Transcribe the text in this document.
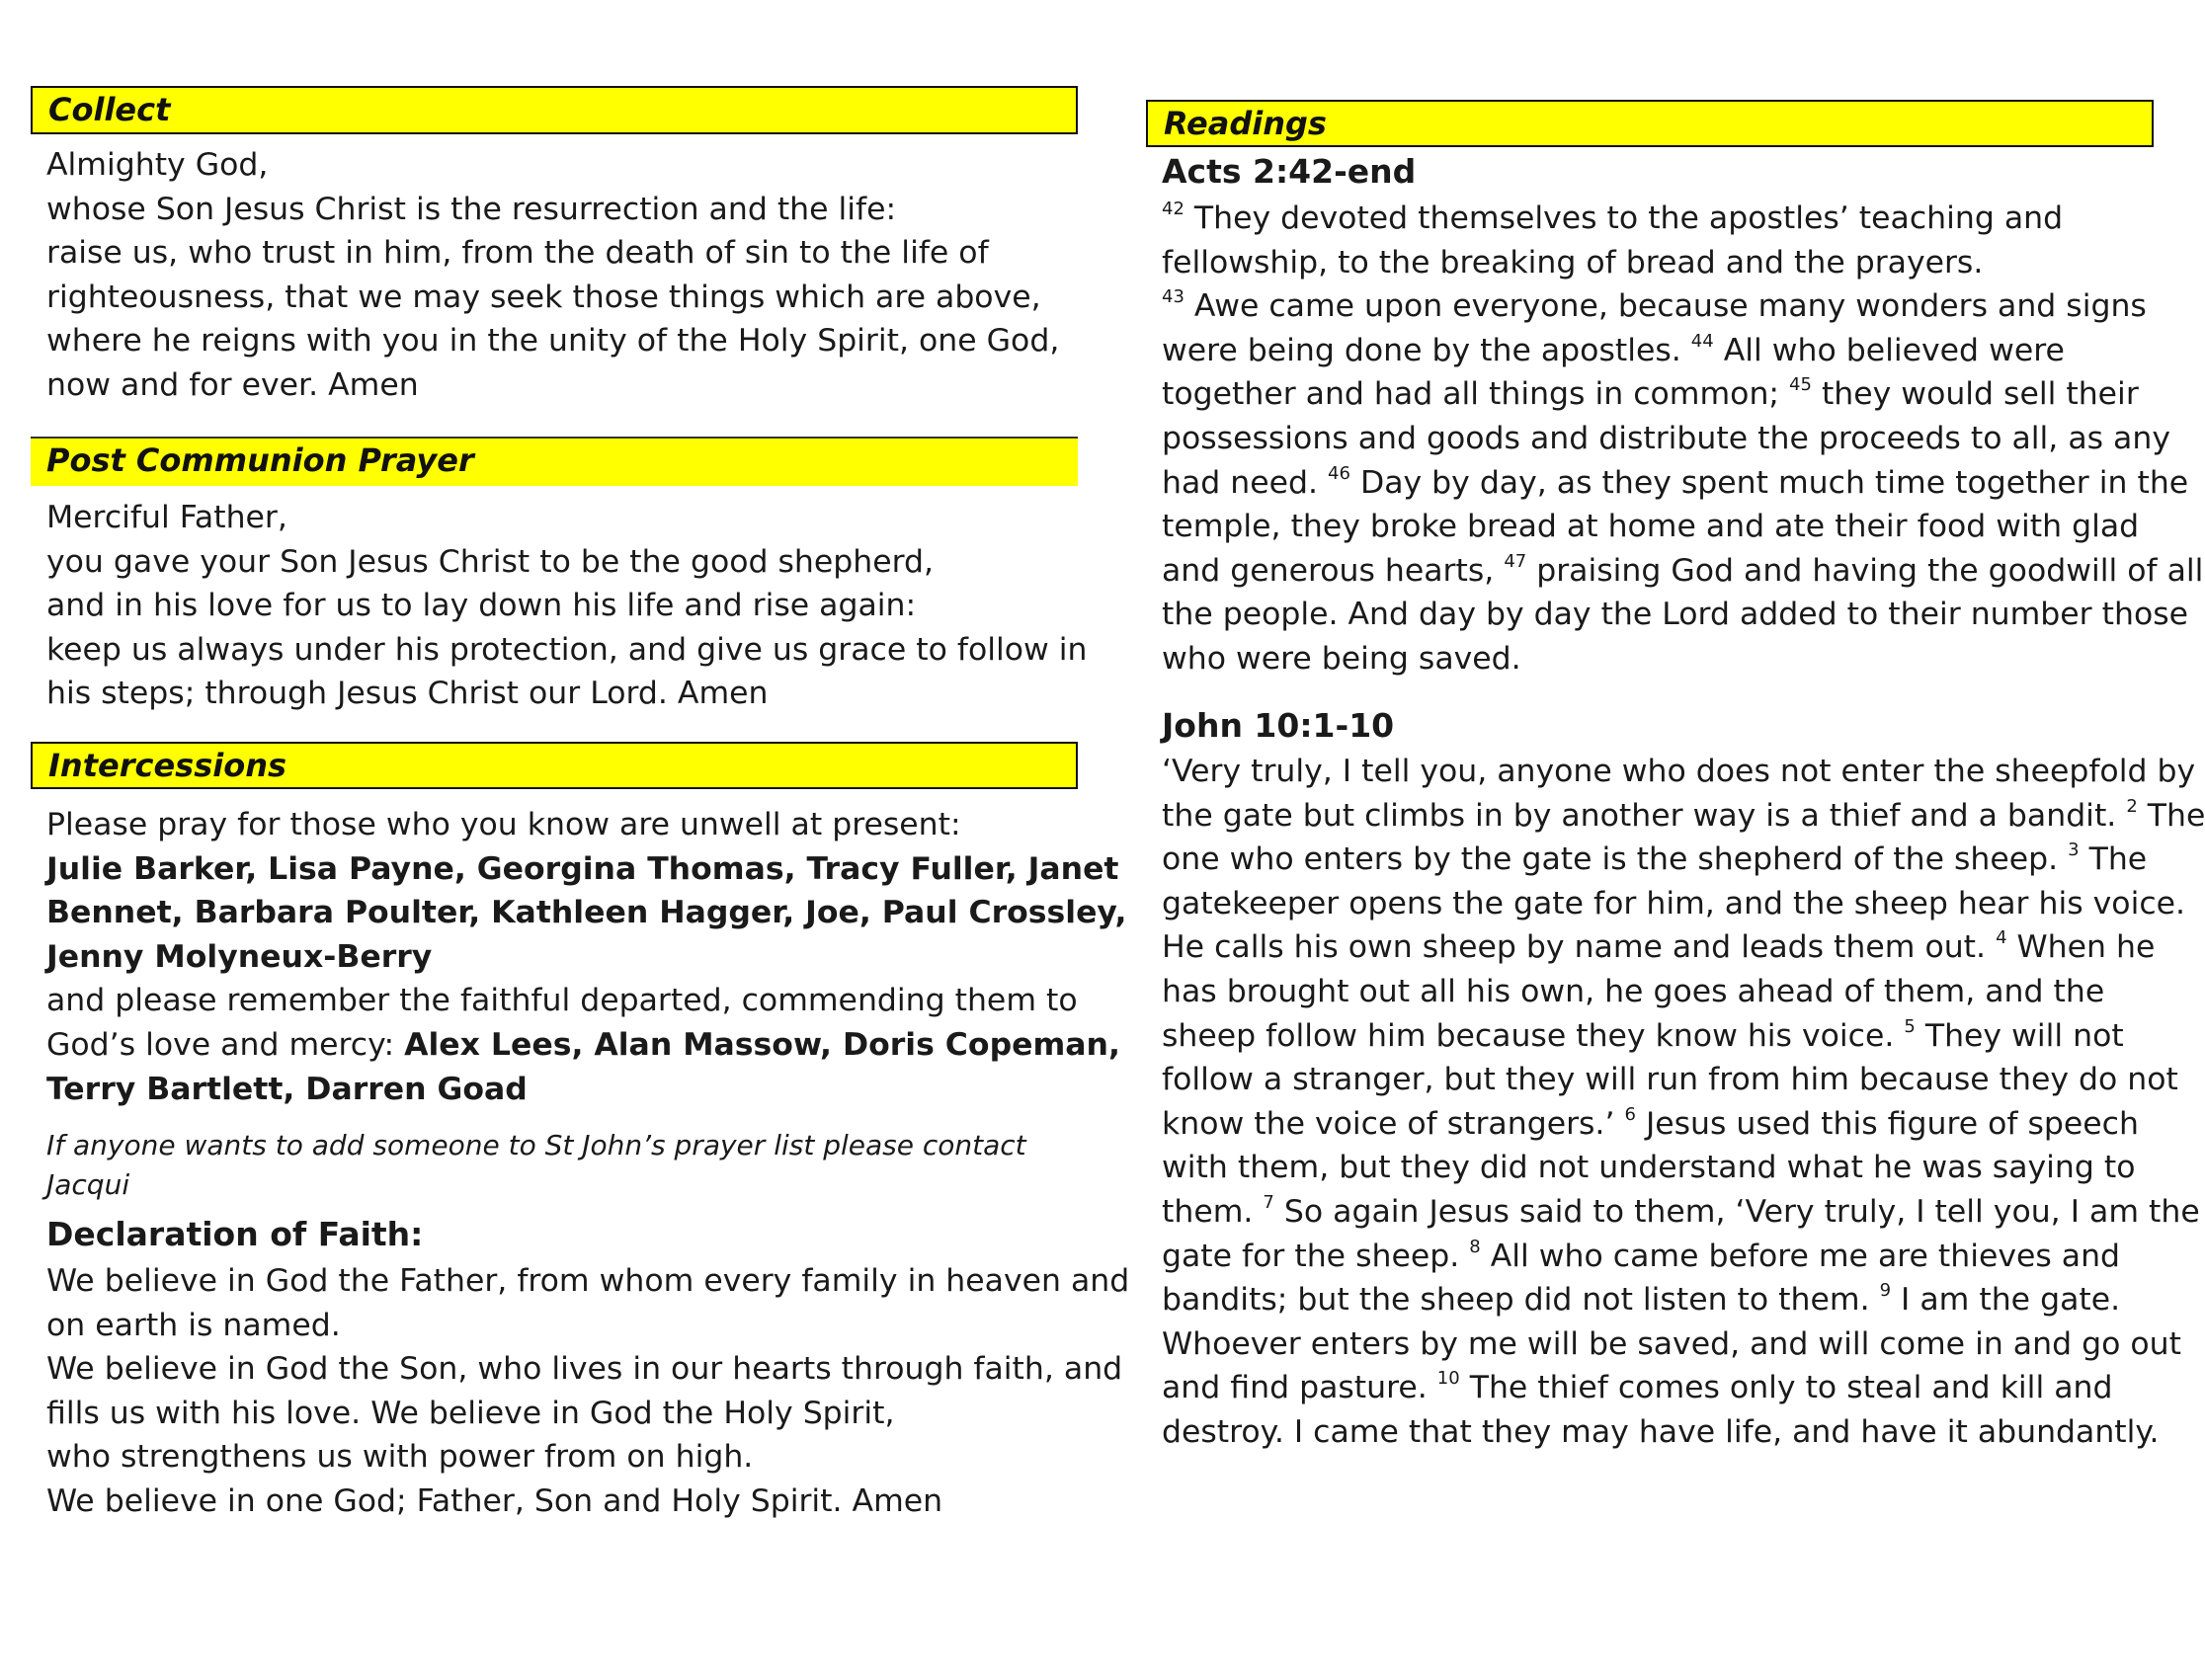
Collect
Almighty God,
whose Son Jesus Christ is the resurrection and the life:
raise us, who trust in him, from the death of sin to the life of
righteousness, that we may seek those things which are above,
where he reigns with you in the unity of the Holy Spirit, one God,
now and for ever. Amen
Post Communion Prayer
Merciful Father,
you gave your Son Jesus Christ to be the good shepherd,
and in his love for us to lay down his life and rise again:
keep us always under his protection, and give us grace to follow in
his steps; through Jesus Christ our Lord. Amen
Intercessions
Please pray for those who you know are unwell at present:
Julie Barker, Lisa Payne, Georgina Thomas, Tracy Fuller, Janet
Bennet, Barbara Poulter, Kathleen Hagger, Joe, Paul Crossley,
Jenny Molyneux-Berry
and please remember the faithful departed, commending them to
God’s love and mercy: Alex Lees, Alan Massow, Doris Copeman,
Terry Bartlett, Darren Goad
If anyone wants to add someone to St John’s prayer list please contact Jacqui
Declaration of Faith:
We believe in God the Father, from whom every family in heaven and
on earth is named.
We believe in God the Son, who lives in our hearts through faith, and
fills us with his love. We believe in God the Holy Spirit,
who strengthens us with power from on high.
We believe in one God; Father, Son and Holy Spirit. Amen
Readings
Acts 2:42-end
$^{42}$ They devoted themselves to the apostles’ teaching and
fellowship, to the breaking of bread and the prayers.
$^{43}$ Awe came upon everyone, because many wonders and signs
were being done by the apostles. $^{44}$ All who believed were
together and had all things in common; $^{45}$ they would sell their
possessions and goods and distribute the proceeds to all, as any
had need. $^{46}$ Day by day, as they spent much time together in the
temple, they broke bread at home and ate their food with glad
and generous hearts, $^{47}$ praising God and having the goodwill of all
the people. And day by day the Lord added to their number those
who were being saved.
John 10:1-10
‘Very truly, I tell you, anyone who does not enter the sheepfold by
the gate but climbs in by another way is a thief and a bandit. $^2$ The
one who enters by the gate is the shepherd of the sheep. $^3$ The
gatekeeper opens the gate for him, and the sheep hear his voice.
He calls his own sheep by name and leads them out. $^4$ When he
has brought out all his own, he goes ahead of them, and the
sheep follow him because they know his voice. $^5$ They will not
follow a stranger, but they will run from him because they do not
know the voice of strangers.’ $^6$ Jesus used this figure of speech
with them, but they did not understand what he was saying to
them. $^7$ So again Jesus said to them, ‘Very truly, I tell you, I am the
gate for the sheep. $^8$ All who came before me are thieves and
bandits; but the sheep did not listen to them. $^9$ I am the gate.
Whoever enters by me will be saved, and will come in and go out
and find pasture. $^{10}$ The thief comes only to steal and kill and
destroy. I came that they may have life, and have it abundantly.
